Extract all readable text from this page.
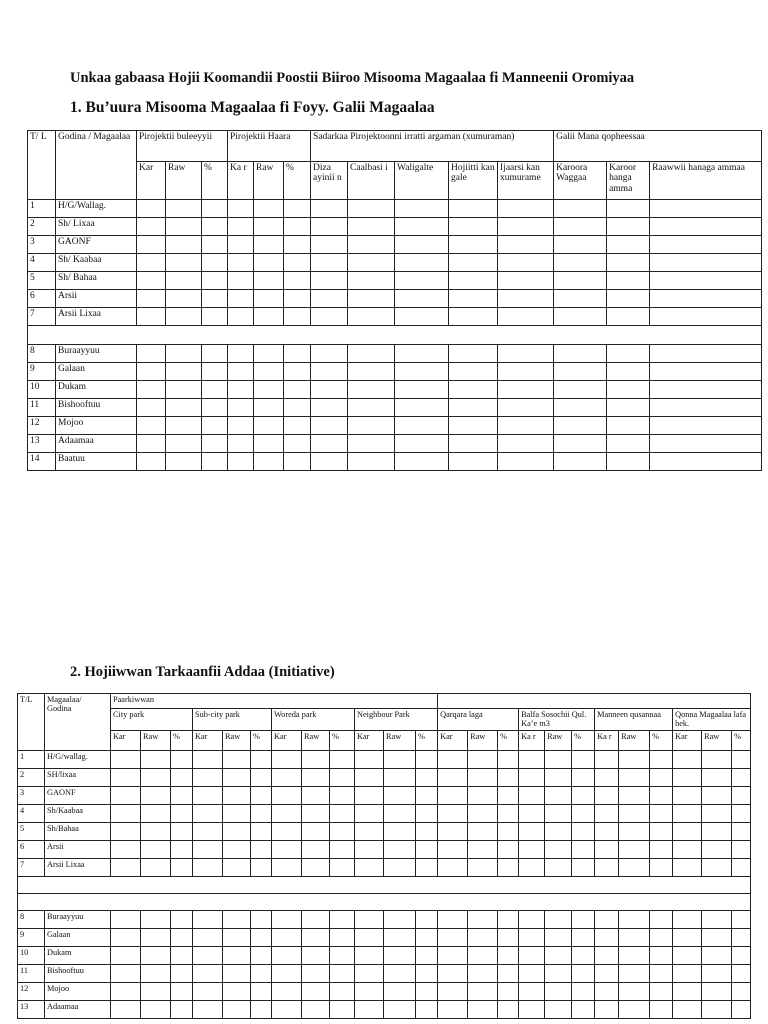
Unkaa gabaasa Hojii Koomandii Poostii Biiroo Misooma Magaalaa fi Manneenii Oromiyaa
1. Bu’uura Misooma Magaalaa fi Foyy. Galii Magaalaa
T/ L	Godina / Magaalaa	Pirojektii buleeyyii			Pirojektii Haara			Sadarkaa Pirojektoonni irratti argaman (xumuraman)					Galii Mana qopheessaa		
		Kar	Raw	%	Ka r	Raw	%	Diza ayinii n	Caalbasi i	Waligalte	Hojiitti kan gale	Ijaarsi kan xumurame	Karoora Waggaa	Karoor hanga amma	Raawwii hanaga ammaa
1	H/G/Wallag.														
2	Sh/ Lixaa														
3	GAONF														
4	Sh/ Kaabaa														
5	Sh/ Bahaa														
6	Arsii														
7	Arsii Lixaa														

8	Buraayyuu														
9	Galaan														
10	Dukam														
11	Bishooftuu														
12	Mojoo														
13	Adaamaa														
14	Baatuu														
2. Hojiiwwan Tarkaanfii Addaa (Initiative)
T/L	Magaalaa/ Godina	Paarkiwwan																							
		City park			Sub-city park			Woreda park			Neighbour Park			Qarqara laga			Balfa Sosochii Qul. Ka’e m3			Manneen qusannaa			Qonna Magaalaa lafa hek.		
		Kar	Raw	%	Kar	Raw	%	Kar	Raw	%	Kar	Raw	%	Kar	Raw	%	Ka r	Raw	%	Ka r	Raw	%	Kar	Raw	%
1	H/G/wallag.																								
2	SH/lixaa																								
3	GAONF																								
4	Sh/Kaabaa																								
5	Sh/Bahaa																								
6	Arsii																								
7	Arsii Lixaa																								

8	Buraayyuu																								
9	Galaan																								
10	Dukam																								
11	Bishooftuu																								
12	Mojoo																								
13	Adaamaa																								
